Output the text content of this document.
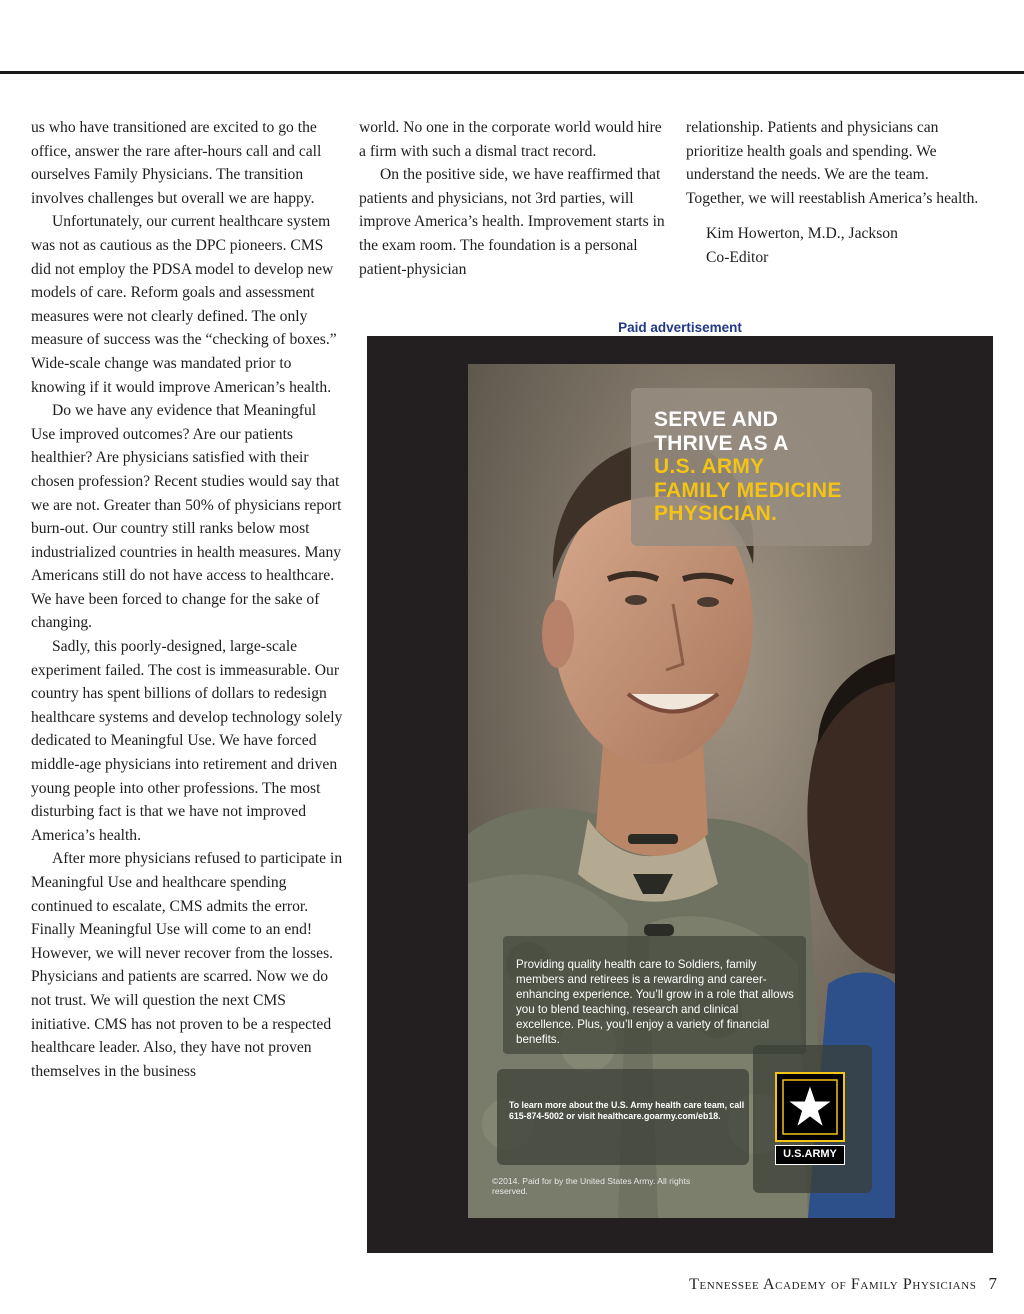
us who have transitioned are excited to go the office, answer the rare after-hours call and call ourselves Family Physicians. The transition involves challenges but overall we are happy.

Unfortunately, our current healthcare system was not as cautious as the DPC pioneers. CMS did not employ the PDSA model to develop new models of care. Reform goals and assessment measures were not clearly defined. The only measure of success was the “checking of boxes.” Wide-scale change was mandated prior to knowing if it would improve American’s health.

Do we have any evidence that Meaningful Use improved outcomes? Are our patients healthier? Are physicians satisfied with their chosen profession? Recent studies would say that we are not. Greater than 50% of physicians report burn-out. Our country still ranks below most industrialized countries in health measures. Many Americans still do not have access to healthcare. We have been forced to change for the sake of changing.

Sadly, this poorly-designed, large-scale experiment failed. The cost is immeasurable. Our country has spent billions of dollars to redesign healthcare systems and develop technology solely dedicated to Meaningful Use. We have forced middle-age physicians into retirement and driven young people into other professions. The most disturbing fact is that we have not improved America’s health.

After more physicians refused to participate in Meaningful Use and healthcare spending continued to escalate, CMS admits the error. Finally Meaningful Use will come to an end! However, we will never recover from the losses. Physicians and patients are scarred. Now we do not trust. We will question the next CMS initiative. CMS has not proven to be a respected healthcare leader. Also, they have not proven themselves in the business

world. No one in the corporate world would hire a firm with such a dismal tract record.

On the positive side, we have reaffirmed that patients and physicians, not 3rd parties, will improve America’s health. Improvement starts in the exam room. The foundation is a personal patient-physician

relationship. Patients and physicians can prioritize health goals and spending. We understand the needs. We are the team. Together, we will reestablish America’s health.

Kim Howerton, M.D., Jackson

Co-Editor

Paid advertisement
SERVE AND
THRIVE AS A
U.S. ARMY
FAMILY MEDICINE
PHYSICIAN.
Providing quality health care to Soldiers, family members and retirees is a rewarding and career-enhancing experience. You’ll grow in a role that allows you to blend teaching, research and clinical excellence. Plus, you’ll enjoy a variety of financial benefits.
To learn more about the U.S. Army health care team, call 615-874-5002 or visit healthcare.goarmy.com/eb18.
U.S.ARMY
©2014. Paid for by the United States Army. All rights reserved.
Tennessee Academy of Family Physicians 7
